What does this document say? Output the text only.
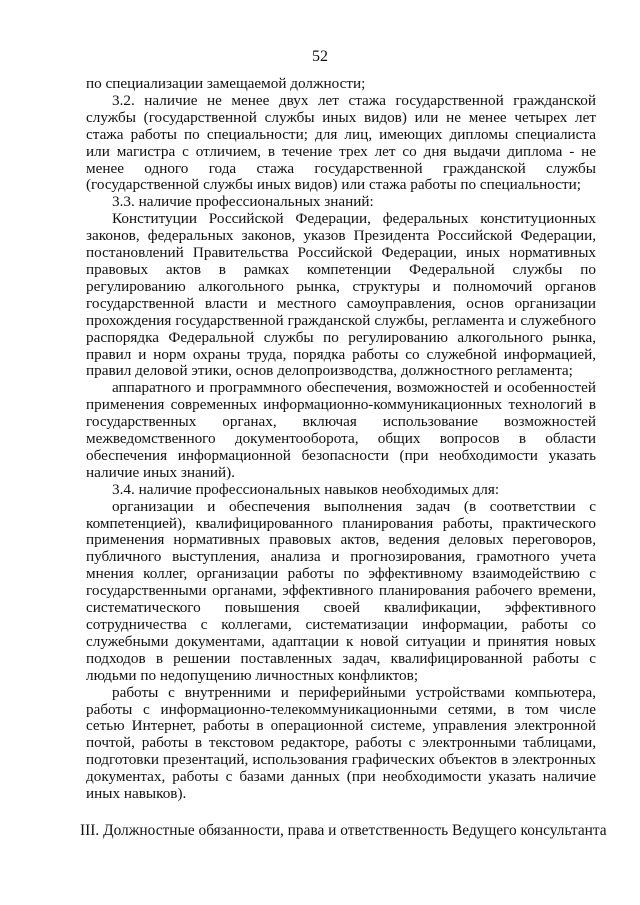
52

по специализации замещаемой должности;

3.2. наличие не менее двух лет стажа государственной гражданской службы (государственной службы иных видов) или не менее четырех лет стажа работы по специальности; для лиц, имеющих дипломы специалиста или магистра с отличием, в течение трех лет со дня выдачи диплома - не менее одного года стажа государственной гражданской службы (государственной службы иных видов) или стажа работы по специальности;

3.3. наличие профессиональных знаний:

Конституции Российской Федерации, федеральных конституционных законов, федеральных законов, указов Президента Российской Федерации, постановлений Правительства Российской Федерации, иных нормативных правовых актов в рамках компетенции Федеральной службы по регулированию алкогольного рынка, структуры и полномочий органов государственной власти и местного самоуправления, основ организации прохождения государственной гражданской службы, регламента и служебного распорядка Федеральной службы по регулированию алкогольного рынка, правил и норм охраны труда, порядка работы со служебной информацией, правил деловой этики, основ делопроизводства, должностного регламента;

аппаратного и программного обеспечения, возможностей и особенностей применения современных информационно-коммуникационных технологий в государственных органах, включая использование возможностей межведомственного документооборота, общих вопросов в области обеспечения информационной безопасности (при необходимости указать наличие иных знаний).

3.4. наличие профессиональных навыков необходимых для:

организации и обеспечения выполнения задач (в соответствии с компетенцией), квалифицированного планирования работы, практического применения нормативных правовых актов, ведения деловых переговоров, публичного выступления, анализа и прогнозирования, грамотного учета мнения коллег, организации работы по эффективному взаимодействию с государственными органами, эффективного планирования рабочего времени, систематического повышения своей квалификации, эффективного сотрудничества с коллегами, систематизации информации, работы со служебными документами, адаптации к новой ситуации и принятия новых подходов в решении поставленных задач, квалифицированной работы с людьми по недопущению личностных конфликтов;

работы с внутренними и периферийными устройствами компьютера, работы с информационно-телекоммуникационными сетями, в том числе сетью Интернет, работы в операционной системе, управления электронной почтой, работы в текстовом редакторе, работы с электронными таблицами, подготовки презентаций, использования графических объектов в электронных документах, работы с базами данных (при необходимости указать наличие иных навыков).

III. Должностные обязанности, права и ответственность Ведущего консультанта
